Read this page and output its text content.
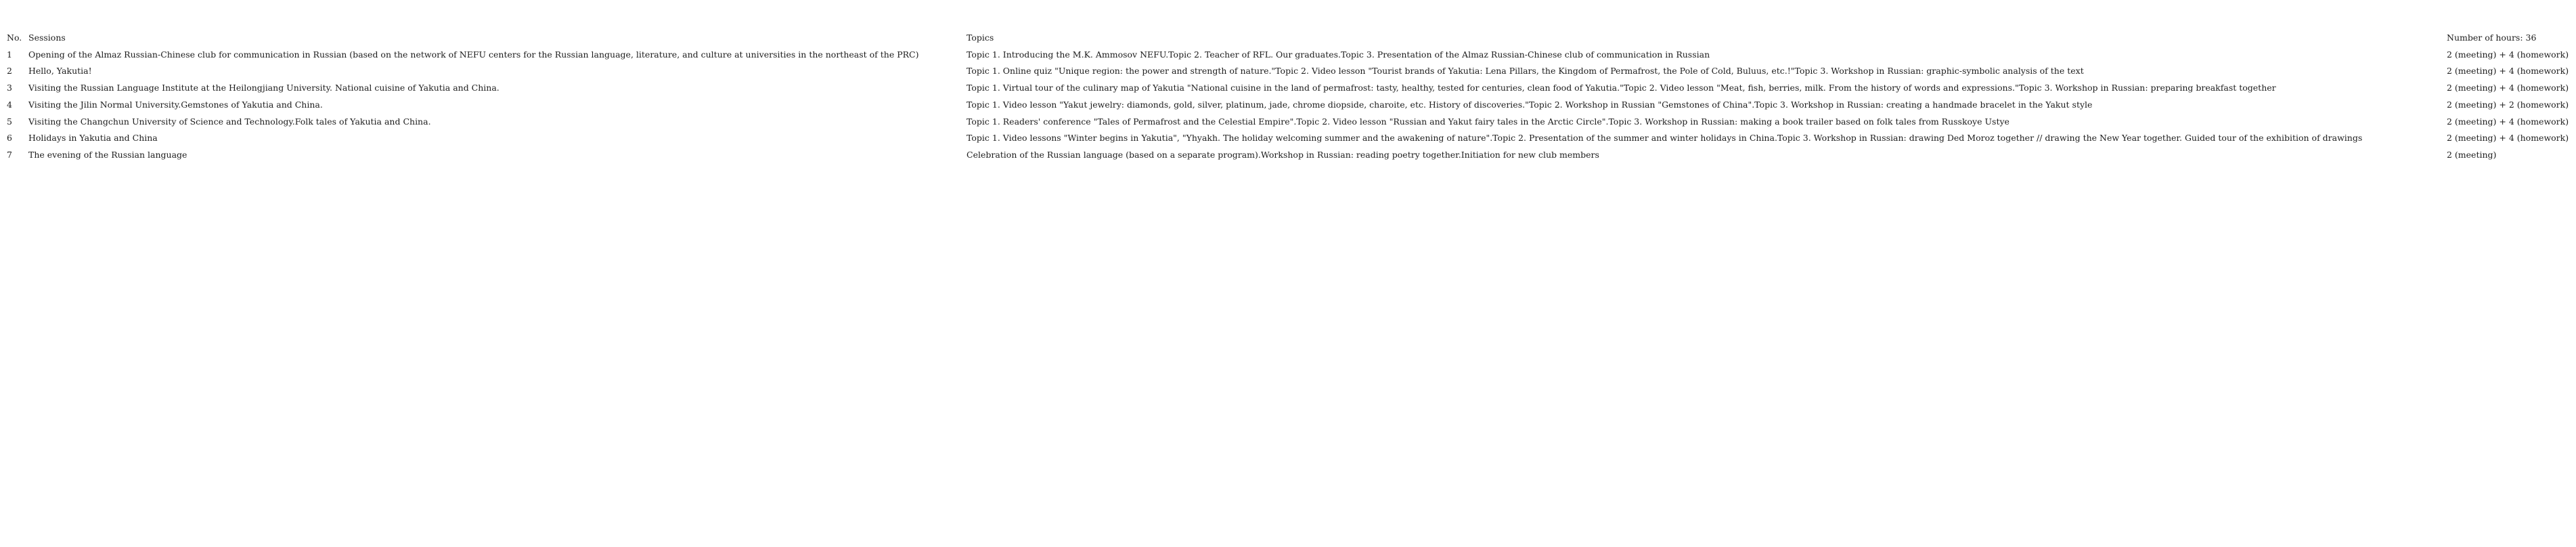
No.	Sessions	Topics	Number of hours: 36
1	Opening of the Almaz Russian-Chinese club for communication in Russian (based on the network of NEFU centers for the Russian language, literature, and culture at universities in the northeast of the PRC)	Topic 1. Introducing the M.K. Ammosov NEFU.Topic 2. Teacher of RFL. Our graduates.Topic 3. Presentation of the Almaz Russian-Chinese club of communication in Russian	2 (meeting) + 4 (homework)
2	Hello, Yakutia!	Topic 1. Online quiz "Unique region: the power and strength of nature."Topic 2. Video lesson "Tourist brands of Yakutia: Lena Pillars, the Kingdom of Permafrost, the Pole of Cold, Buluus, etc.!"Topic 3. Workshop in Russian: graphic-symbolic analysis of the text	2 (meeting) + 4 (homework)
3	Visiting the Russian Language Institute at the Heilongjiang University. National cuisine of Yakutia and China.	Topic 1. Virtual tour of the culinary map of Yakutia "National cuisine in the land of permafrost: tasty, healthy, tested for centuries, clean food of Yakutia."Topic 2. Video lesson "Meat, fish, berries, milk. From the history of words and expressions."Topic 3. Workshop in Russian: preparing breakfast together	2 (meeting) + 4 (homework)
4	Visiting the Jilin Normal University.Gemstones of Yakutia and China.	Topic 1. Video lesson "Yakut jewelry: diamonds, gold, silver, platinum, jade, chrome diopside, charoite, etc. History of discoveries."Topic 2. Workshop in Russian "Gemstones of China".Topic 3. Workshop in Russian: creating a handmade bracelet in the Yakut style	2 (meeting) + 2 (homework)
5	Visiting the Changchun University of Science and Technology.Folk tales of Yakutia and China.	Topic 1. Readers' conference "Tales of Permafrost and the Celestial Empire".Topic 2. Video lesson "Russian and Yakut fairy tales in the Arctic Circle".Topic 3. Workshop in Russian: making a book trailer based on folk tales from Russkoye Ustye	2 (meeting) + 4 (homework)
6	Holidays in Yakutia and China	Topic 1. Video lessons "Winter begins in Yakutia", "Yhyakh. The holiday welcoming summer and the awakening of nature".Topic 2. Presentation of the summer and winter holidays in China.Topic 3. Workshop in Russian: drawing Ded Moroz together // drawing the New Year together. Guided tour of the exhibition of drawings	2 (meeting) + 4 (homework)
7	The evening of the Russian language	Celebration of the Russian language (based on a separate program).Workshop in Russian: reading poetry together.Initiation for new club members	2 (meeting)
